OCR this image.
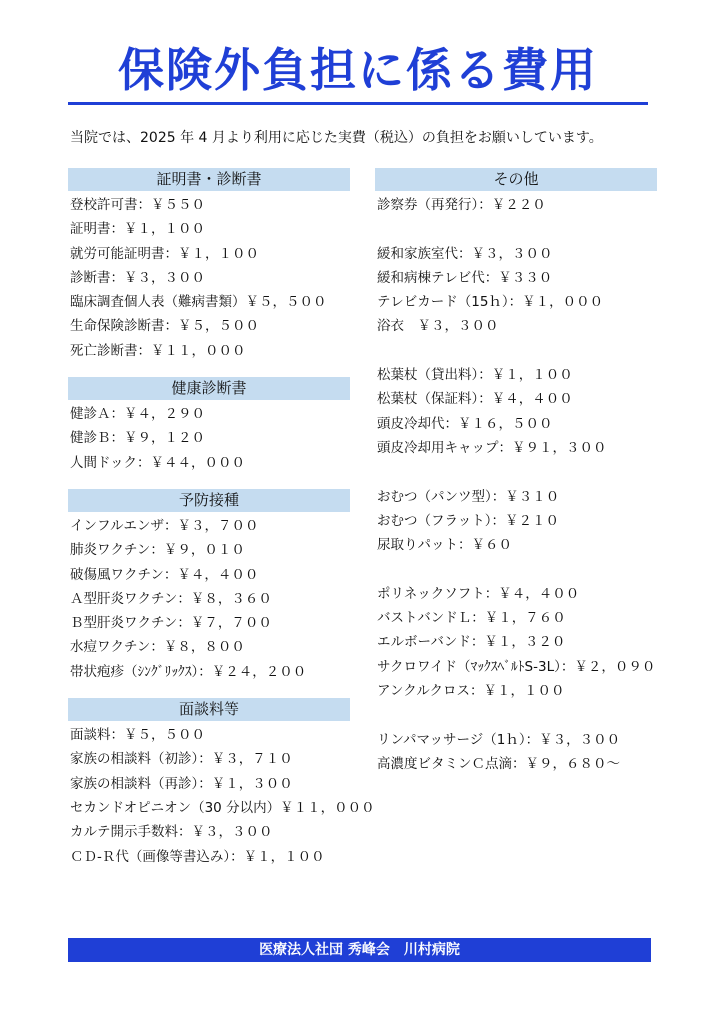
保険外負担に係る費用
当院では、2025 年 4 月より利用に応じた実費（税込）の負担をお願いしています。
証明書・診断書
登校許可書：￥５５０
証明書：￥１，１００
就労可能証明書：￥１，１００
診断書：￥３，３００
臨床調査個人表（難病書類）￥５，５００
生命保険診断書：￥５，５００
死亡診断書：￥１１，０００
健康診断書
健診Ａ：￥４，２９０
健診Ｂ：￥９，１２０
人間ドック：￥４４，０００
予防接種
インフルエンザ：￥３，７００
肺炎ワクチン：￥９，０１０
破傷風ワクチン：￥４，４００
Ａ型肝炎ワクチン：￥８，３６０
Ｂ型肝炎ワクチン：￥７，７００
水痘ワクチン：￥８，８００
帯状疱疹（ｼﾝｸﾞﾘｯｸｽ）：￥２４，２００
面談料等
面談料：￥５，５００
家族の相談料（初診）：￥３，７１０
家族の相談料（再診）：￥１，３００
セカンドオピニオン（30 分以内）￥１１，０００
カルテ開示手数料：￥３，３００
ＣＤ-Ｒ代（画像等書込み）：￥１，１００
その他
診察券（再発行）：￥２２０
緩和家族室代：￥３，３００
緩和病棟テレビ代：￥３３０
テレビカード（15ｈ）：￥１，０００
浴衣　￥３，３００
松葉杖（貸出料）：￥１，１００
松葉杖（保証料）：￥４，４００
頭皮冷却代：￥１６，５００
頭皮冷却用キャップ：￥９１，３００
おむつ（パンツ型）：￥３１０
おむつ（フラット）：￥２１０
尿取りパット：￥６０
ポリネックソフト：￥４，４００
バストバンドＬ：￥１，７６０
エルボーバンド：￥１，３２０
サクロワイド（ﾏｯｸｽﾍﾞﾙﾄS-3L）：￥２，０９０
アンクルクロス：￥１，１００
リンパマッサージ（1ｈ）：￥３，３００
高濃度ビタミンＣ点滴：￥９，６８０～
医療法人社団 秀峰会　川村病院
